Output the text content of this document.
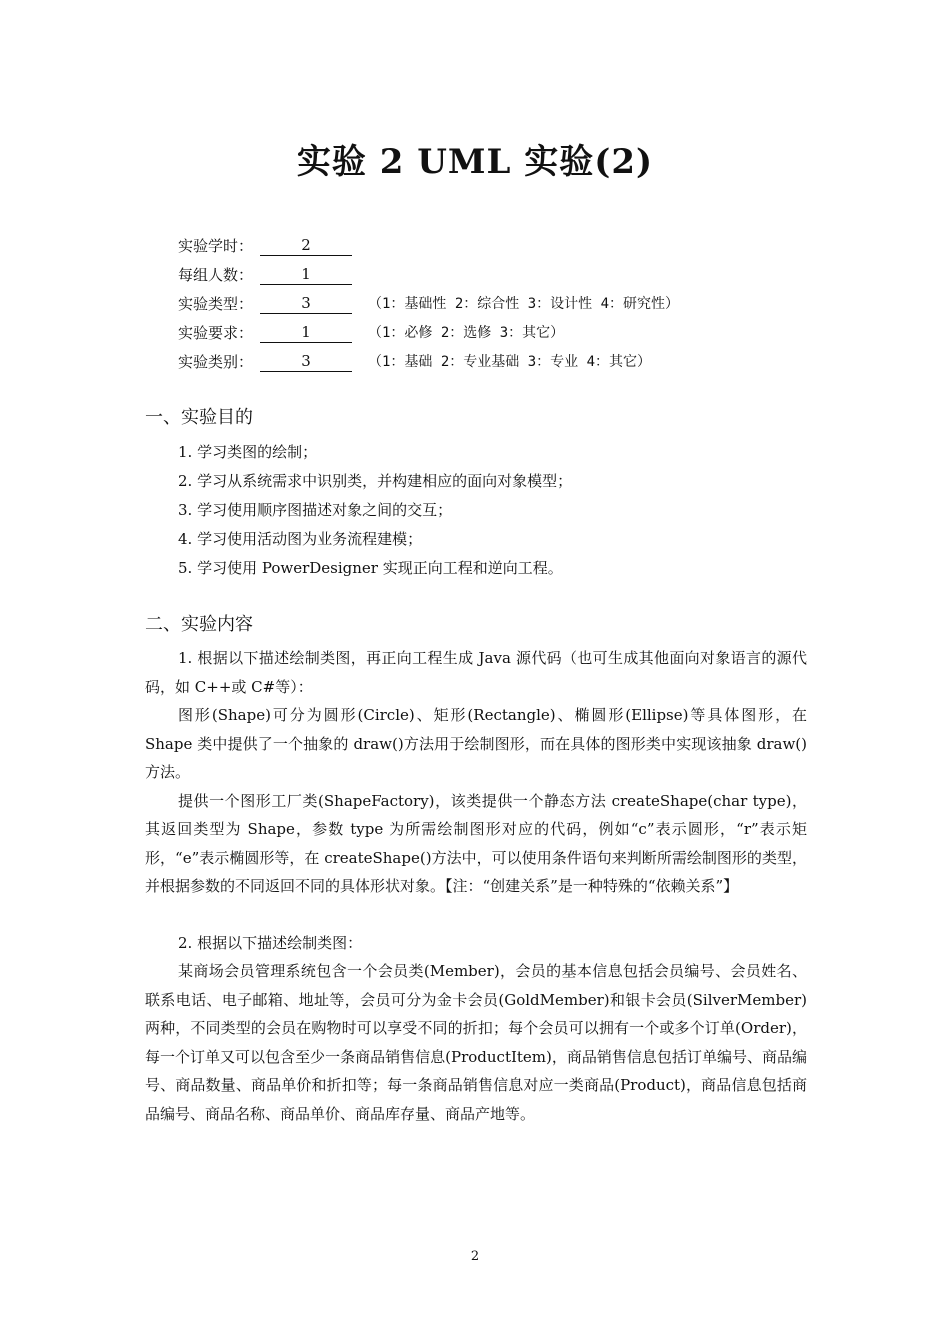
实验 2 UML 实验(2)
实验学时：	2
每组人数：	1
实验类型：	3	（1：基础性 2：综合性 3：设计性 4：研究性）
实验要求：	1	（1：必修 2：选修 3：其它）
实验类别：	3	（1：基础 2：专业基础 3：专业 4：其它）
一、实验目的
1. 学习类图的绘制；
2. 学习从系统需求中识别类，并构建相应的面向对象模型；
3. 学习使用顺序图描述对象之间的交互；
4. 学习使用活动图为业务流程建模；
5. 学习使用 PowerDesigner 实现正向工程和逆向工程。
二、实验内容

1. 根据以下描述绘制类图，再正向工程生成 Java 源代码（也可生成其他面向对象语言的源代码，如 C++或 C#等）：

图形(Shape)可分为圆形(Circle)、矩形(Rectangle)、椭圆形(Ellipse)等具体图形，在 Shape 类中提供了一个抽象的 draw()方法用于绘制图形，而在具体的图形类中实现该抽象 draw()方法。

提供一个图形工厂类(ShapeFactory)，该类提供一个静态方法 createShape(char type)，其返回类型为 Shape，参数 type 为所需绘制图形对应的代码，例如“c”表示圆形，“r”表示矩形，“e”表示椭圆形等，在 createShape()方法中，可以使用条件语句来判断所需绘制图形的类型，并根据参数的不同返回不同的具体形状对象。【注：“创建关系”是一种特殊的“依赖关系”】

2. 根据以下描述绘制类图：

某商场会员管理系统包含一个会员类(Member)，会员的基本信息包括会员编号、会员姓名、联系电话、电子邮箱、地址等，会员可分为金卡会员(GoldMember)和银卡会员(SilverMember)两种，不同类型的会员在购物时可以享受不同的折扣；每个会员可以拥有一个或多个订单(Order)，每一个订单又可以包含至少一条商品销售信息(ProductItem)，商品销售信息包括订单编号、商品编号、商品数量、商品单价和折扣等；每一条商品销售信息对应一类商品(Product)，商品信息包括商品编号、商品名称、商品单价、商品库存量、商品产地等。

2
